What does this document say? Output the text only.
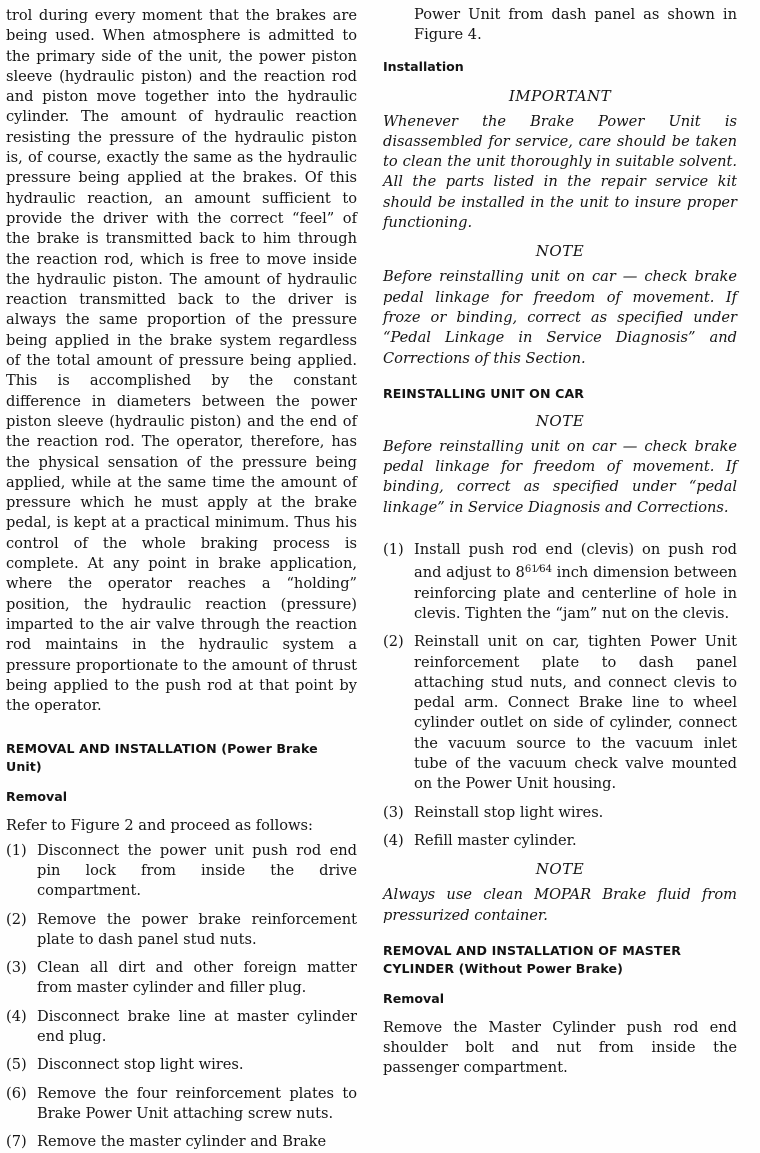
trol during every moment that the brakes are being used. When atmosphere is admitted to the primary side of the unit, the power piston sleeve (hydraulic piston) and the reaction rod and piston move together into the hydraulic cylinder. The amount of hydraulic reaction resisting the pressure of the hydraulic piston is, of course, exactly the same as the hydraulic pressure being applied at the brakes. Of this hydraulic reaction, an amount sufficient to provide the driver with the correct “feel” of the brake is transmitted back to him through the reaction rod, which is free to move inside the hydraulic piston. The amount of hydraulic reaction transmitted back to the driver is always the same proportion of the pressure being applied in the brake system regardless of the total amount of pressure being applied. This is accomplished by the constant difference in diameters between the power piston sleeve (hydraulic piston) and the end of the reaction rod. The operator, therefore, has the physical sensation of the pressure being applied, while at the same time the amount of pressure which he must apply at the brake pedal, is kept at a practical minimum. Thus his control of the whole braking process is complete. At any point in brake application, where the operator reaches a “holding” position, the hydraulic reaction (pressure) imparted to the air valve through the reaction rod maintains in the hydraulic system a pressure proportionate to the amount of thrust being applied to the push rod at that point by the operator.

REMOVAL AND INSTALLATION (Power Brake Unit)

Removal

Refer to Figure 2 and proceed as follows:

(1) Disconnect the power unit push rod end pin lock from inside the drive compartment.
(2) Remove the power brake reinforcement plate to dash panel stud nuts.
(3) Clean all dirt and other foreign matter from master cylinder and filler plug.
(4) Disconnect brake line at master cylinder end plug.
(5) Disconnect stop light wires.
(6) Remove the four reinforcement plates to Brake Power Unit attaching screw nuts.
(7) Remove the master cylinder and Brake

Power Unit from dash panel as shown in Figure 4.

Installation

IMPORTANT

Whenever the Brake Power Unit is disassembled for service, care should be taken to clean the unit thoroughly in suitable solvent. All the parts listed in the repair service kit should be installed in the unit to insure proper functioning.

NOTE

Before reinstalling unit on car — check brake pedal linkage for freedom of movement. If froze or binding, correct as specified under “Pedal Linkage in Service Diagnosis” and Corrections of this Section.

REINSTALLING UNIT ON CAR

NOTE

Before reinstalling unit on car — check brake pedal linkage for freedom of movement. If binding, correct as specified under “pedal linkage” in Service Diagnosis and Corrections.

(1) Install push rod end (clevis) on push rod and adjust to $8^{61⁄64}$ inch dimension between reinforcing plate and centerline of hole in clevis. Tighten the “jam” nut on the clevis.
(2) Reinstall unit on car, tighten Power Unit reinforcement plate to dash panel attaching stud nuts, and connect clevis to pedal arm. Connect Brake line to wheel cylinder outlet on side of cylinder, connect the vacuum source to the vacuum inlet tube of the vacuum check valve mounted on the Power Unit housing.
(3) Reinstall stop light wires.
(4) Refill master cylinder.

NOTE

Always use clean MOPAR Brake fluid from pressurized container.

REMOVAL AND INSTALLATION OF MASTER CYLINDER (Without Power Brake)

Removal

Remove the Master Cylinder push rod end shoulder bolt and nut from inside the passenger compartment.
